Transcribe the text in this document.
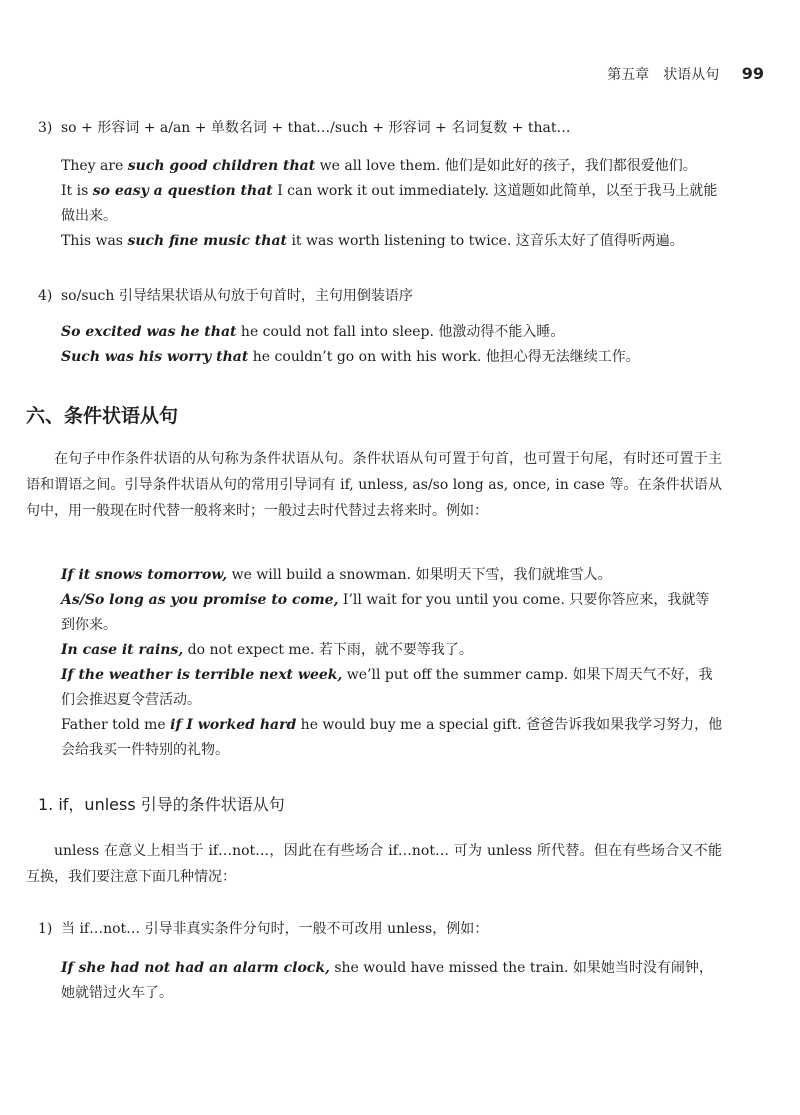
第五章　状语从句 99
3) so + 形容词 + a/an + 单数名词 + that…/such + 形容词 + 名词复数 + that…
They are such good children that we all love them. 他们是如此好的孩子，我们都很爱他们。
It is so easy a question that I can work it out immediately. 这道题如此简单，以至于我马上就能做出来。
This was such fine music that it was worth listening to twice. 这音乐太好了值得听两遍。
4) so/such 引导结果状语从句放于句首时，主句用倒装语序
So excited was he that he could not fall into sleep. 他激动得不能入睡。
Such was his worry that he couldn’t go on with his work. 他担心得无法继续工作。
六、条件状语从句
在句子中作条件状语的从句称为条件状语从句。条件状语从句可置于句首，也可置于句尾，有时还可置于主语和谓语之间。引导条件状语从句的常用引导词有 if, unless, as/so long as, once, in case 等。在条件状语从句中，用一般现在时代替一般将来时；一般过去时代替过去将来时。例如：
If it snows tomorrow, we will build a snowman. 如果明天下雪，我们就堆雪人。
As/So long as you promise to come, I’ll wait for you until you come. 只要你答应来，我就等到你来。
In case it rains, do not expect me. 若下雨，就不要等我了。
If the weather is terrible next week, we’ll put off the summer camp. 如果下周天气不好，我们会推迟夏令营活动。
Father told me if I worked hard he would buy me a special gift. 爸爸告诉我如果我学习努力，他会给我买一件特别的礼物。
1. if，unless 引导的条件状语从句
unless 在意义上相当于 if…not…，因此在有些场合 if…not… 可为 unless 所代替。但在有些场合又不能互换，我们要注意下面几种情况：
1) 当 if…not… 引导非真实条件分句时，一般不可改用 unless，例如：
If she had not had an alarm clock, she would have missed the train. 如果她当时没有闹钟，她就错过火车了。
